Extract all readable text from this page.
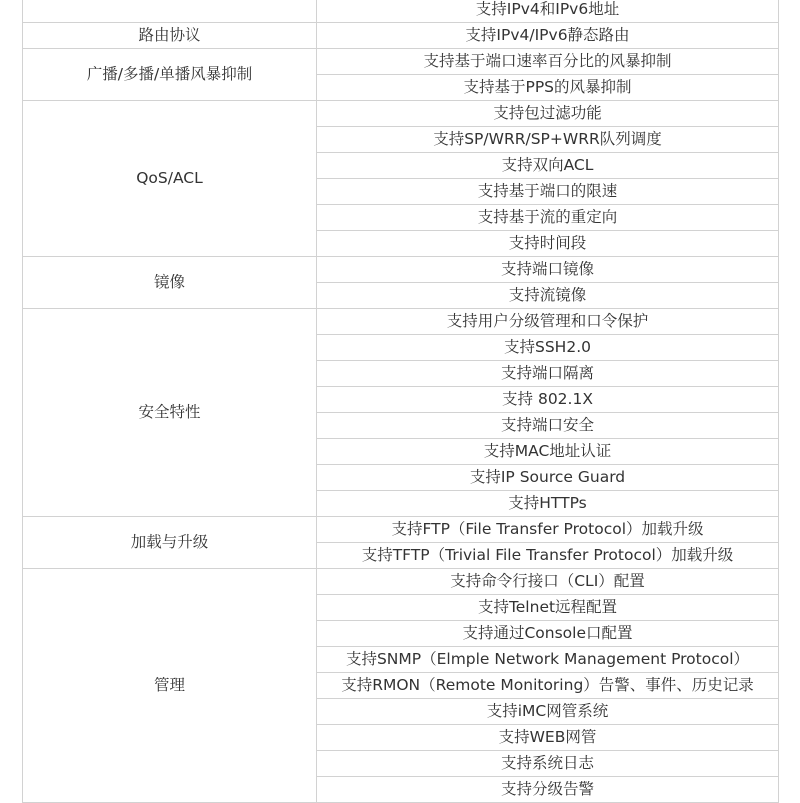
	支持IPv4和IPv6地址
路由协议	支持IPv4/IPv6静态路由
广播/多播/单播风暴抑制	支持基于端口速率百分比的风暴抑制
	支持基于PPS的风暴抑制
QoS/ACL	支持包过滤功能
	支持SP/WRR/SP+WRR队列调度
	支持双向ACL
	支持基于端口的限速
	支持基于流的重定向
	支持时间段
镜像	支持端口镜像
	支持流镜像
安全特性	支持用户分级管理和口令保护
	支持SSH2.0
	支持端口隔离
	支持 802.1X
	支持端口安全
	支持MAC地址认证
	支持IP Source Guard
	支持HTTPs
加载与升级	支持FTP（File Transfer Protocol）加载升级
	支持TFTP（Trivial File Transfer Protocol）加载升级
管理	支持命令行接口（CLI）配置
	支持Telnet远程配置
	支持通过Console口配置
	支持SNMP（Elmple Network Management Protocol）
	支持RMON（Remote Monitoring）告警、事件、历史记录
	支持iMC网管系统
	支持WEB网管
	支持系统日志
	支持分级告警
